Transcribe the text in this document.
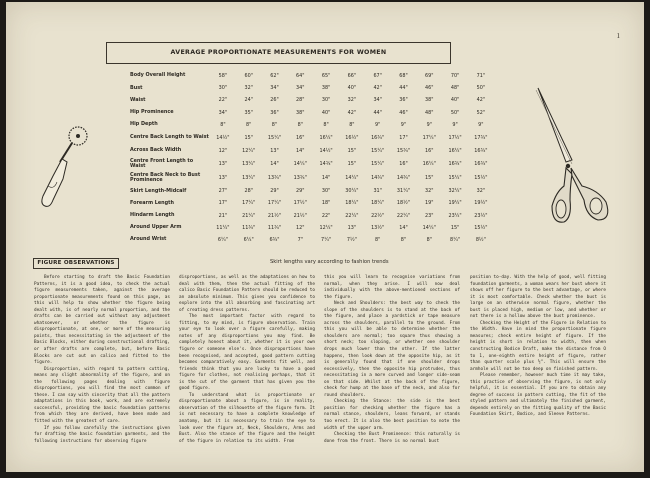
1
AVERAGE PROPORTIONATE MEASUREMENTS FOR WOMEN
Body Overall Height	58"	60"	62"	64"	65"	66"	67"	68"	69"	70"	71"
Bust	30"	32"	34"	34"	38"	40"	42"	44"	46"	48"	50"
Waist	22"	24"	26"	28"	30"	32"	34"	36"	38"	40"	42"
Hip Prominence	34"	35"	36"	38"	40"	42"	44"	46"	48"	50"	52"
Hip Depth	8"	8"	8"	8"	8"	8"	9"	9"	9"	9"	9"
Centre Back Length to Waist	14½"	15"	15¼"	16"	16¼"	16½"	16¾"	17"	17¼"	17½"	17¾"
Across Back Width	12"	12¼"	13"	14"	14½"	15"	15¼"	15¾"	16"	16¼"	16¾"
Centre Front Length to Waist	13"	13¼"	14"	14¼"	14¾"	15"	15¼"	16"	16¼"	16¾"	16¾"
Centre Back Neck to Bust Prominence	13"	13¼"	13¾"	13¾"	14"	14¼"	14¾"	14¾"	15"	15¼"	15½"
Skirt Length-Midcalf	27"	28"	29"	29"	30"	30¼"	31"	31¼"	32"	32¼"	32"
Forearm Length	17"	17¼"	17¼"	17½"	18"	18¼"	18¼"	18½"	19"	19¼"	19½"
Hindarm Length	21"	21¼"	21½"	21½"	22"	22¼"	22½"	22¼"	23"	23¼"	23½"
Around Upper Arm	11¼"	11¾"	11¾"	12"	12¼"	13"	13½"	14"	14¼"	15"	15½"
Around Wrist	6¼"	6¼"	6¾"	7"	7¼"	7½"	8"	8"	8"	8¼"	8½"
Skirt lengths vary according to fashion trends
FIGURE OBSERVATIONS

Before starting to draft the Basic Foundation Patterns, it is a good idea, to check the actual figure measurements taken, against the average proportionate measurements found on this page, as this will help to show whether the figure being dealt with, is of nearly normal proportion, and the drafts can be carried out without any adjustment whatsoever, or whether the figure is disproportionate, at one, or more of the measuring points, thus necessitating in the adjustment of the Basic Blocks, either during constructional drafting, or after drafts are complete, but, before Basic Blocks are cut out on calico and fitted to the figure.

Disproportion, with regard to pattern cutting, means any slight abnormality of the figure, and on the following pages dealing with figure disproportions, you will find the most common of these. I can say with sincerity that all the pattern adaptations in this book, work, and are extremely successful, providing the basic foundation patterns from which they are derived, have been made and fitted with the greatest of care.

If you follow carefully the instructions given for drafting the basic foundation garments, and the following instructions for observing figure

disproportions, as well as the adaptations on how to deal with them, then the actual fitting of the calico Basic Foundation Pattern should be reduced to an absolute minimum. This gives you confidence to explore into the all absorbing and fascinating art of creating dress patterns.

The most important factor with regard to fitting, to my mind, is figure observation. Train your eye to look over a figure carefully, making notes of any disproportions you may find. Be completely honest about it, whether it is your own figure or someone else's. Once disproportions have been recognised, and accepted, good pattern cutting becomes comparatively easy. Garments fit well, and friends think that you are lucky to have a good figure for clothes, not realising perhaps, that it is the cut of the garment that has given you the good figure.

To understand what is proportionate or disproportionate about a figure, is in reality, observation of the silhouette of the figure form. It is not necessary to have a complete knowledge of anatomy, but it is necessary to train the eye to look over the figure at, Neck, Shoulders, Arms and Bust. Also the stance of the figure and the height of the figure in relation to its width. From

this you will learn to recognise variations from normal, when they arise. I will now deal individually with the above-mentioned sections of the figure.

Neck and Shoulders: the best way to check the slope of the shoulders is to stand at the back of the figure, and place a yardstick or tape measure across the shoulders, parallel to the ground. From this you will be able to determine whether the shoulders are normal; too square thus showing a short neck; too sloping, or whether one shoulder drops much lower than the other. If the latter happens, then look down at the opposite hip, as it is generally found that if one shoulder drops excessively, then the opposite hip protrudes, thus necessitating in a more curved and longer side-seam on that side. Whilst at the back of the figure, check for hump at the base of the neck, and also for round shoulders.

Checking the Stance: the side is the best position for checking whether the figure has a normal stance, shoulders, leans forward, or stands too erect. It is also the best position to note the width of the upper arm.

Checking the Bust Prominence: this naturally is done from the front. There is no normal bust

position to-day. With the help of good, well fitting foundation garments, a woman wears her bust where it shows off her figure to the best advantage, or where it is most comfortable. Check whether the bust is large on an otherwise normal figure, whether the bust is placed high, medium or low, and whether or not there is a hollow above the bust prominence.

Checking the Height of the Figure in Relation to the Width. Have in mind the proportionate figure measures; check entire height of figure. If the height is short in relation to width, then when constructing Bodice Draft, make the distance from O to 1, one-eighth entire height of figure, rather than quarter scale plus ½". This will ensure the armhole will not be too deep on finished pattern.

Please remember, however much time it may take, this practice of observing the figure, is not only helpful, it is essential. If you are to obtain any degree of success in pattern cutting, the fit of the styled pattern and ultimately the finished garment, depends entirely on the fitting quality of the Basic Foundation Skirt, Bodice, and Sleeve Patterns.
